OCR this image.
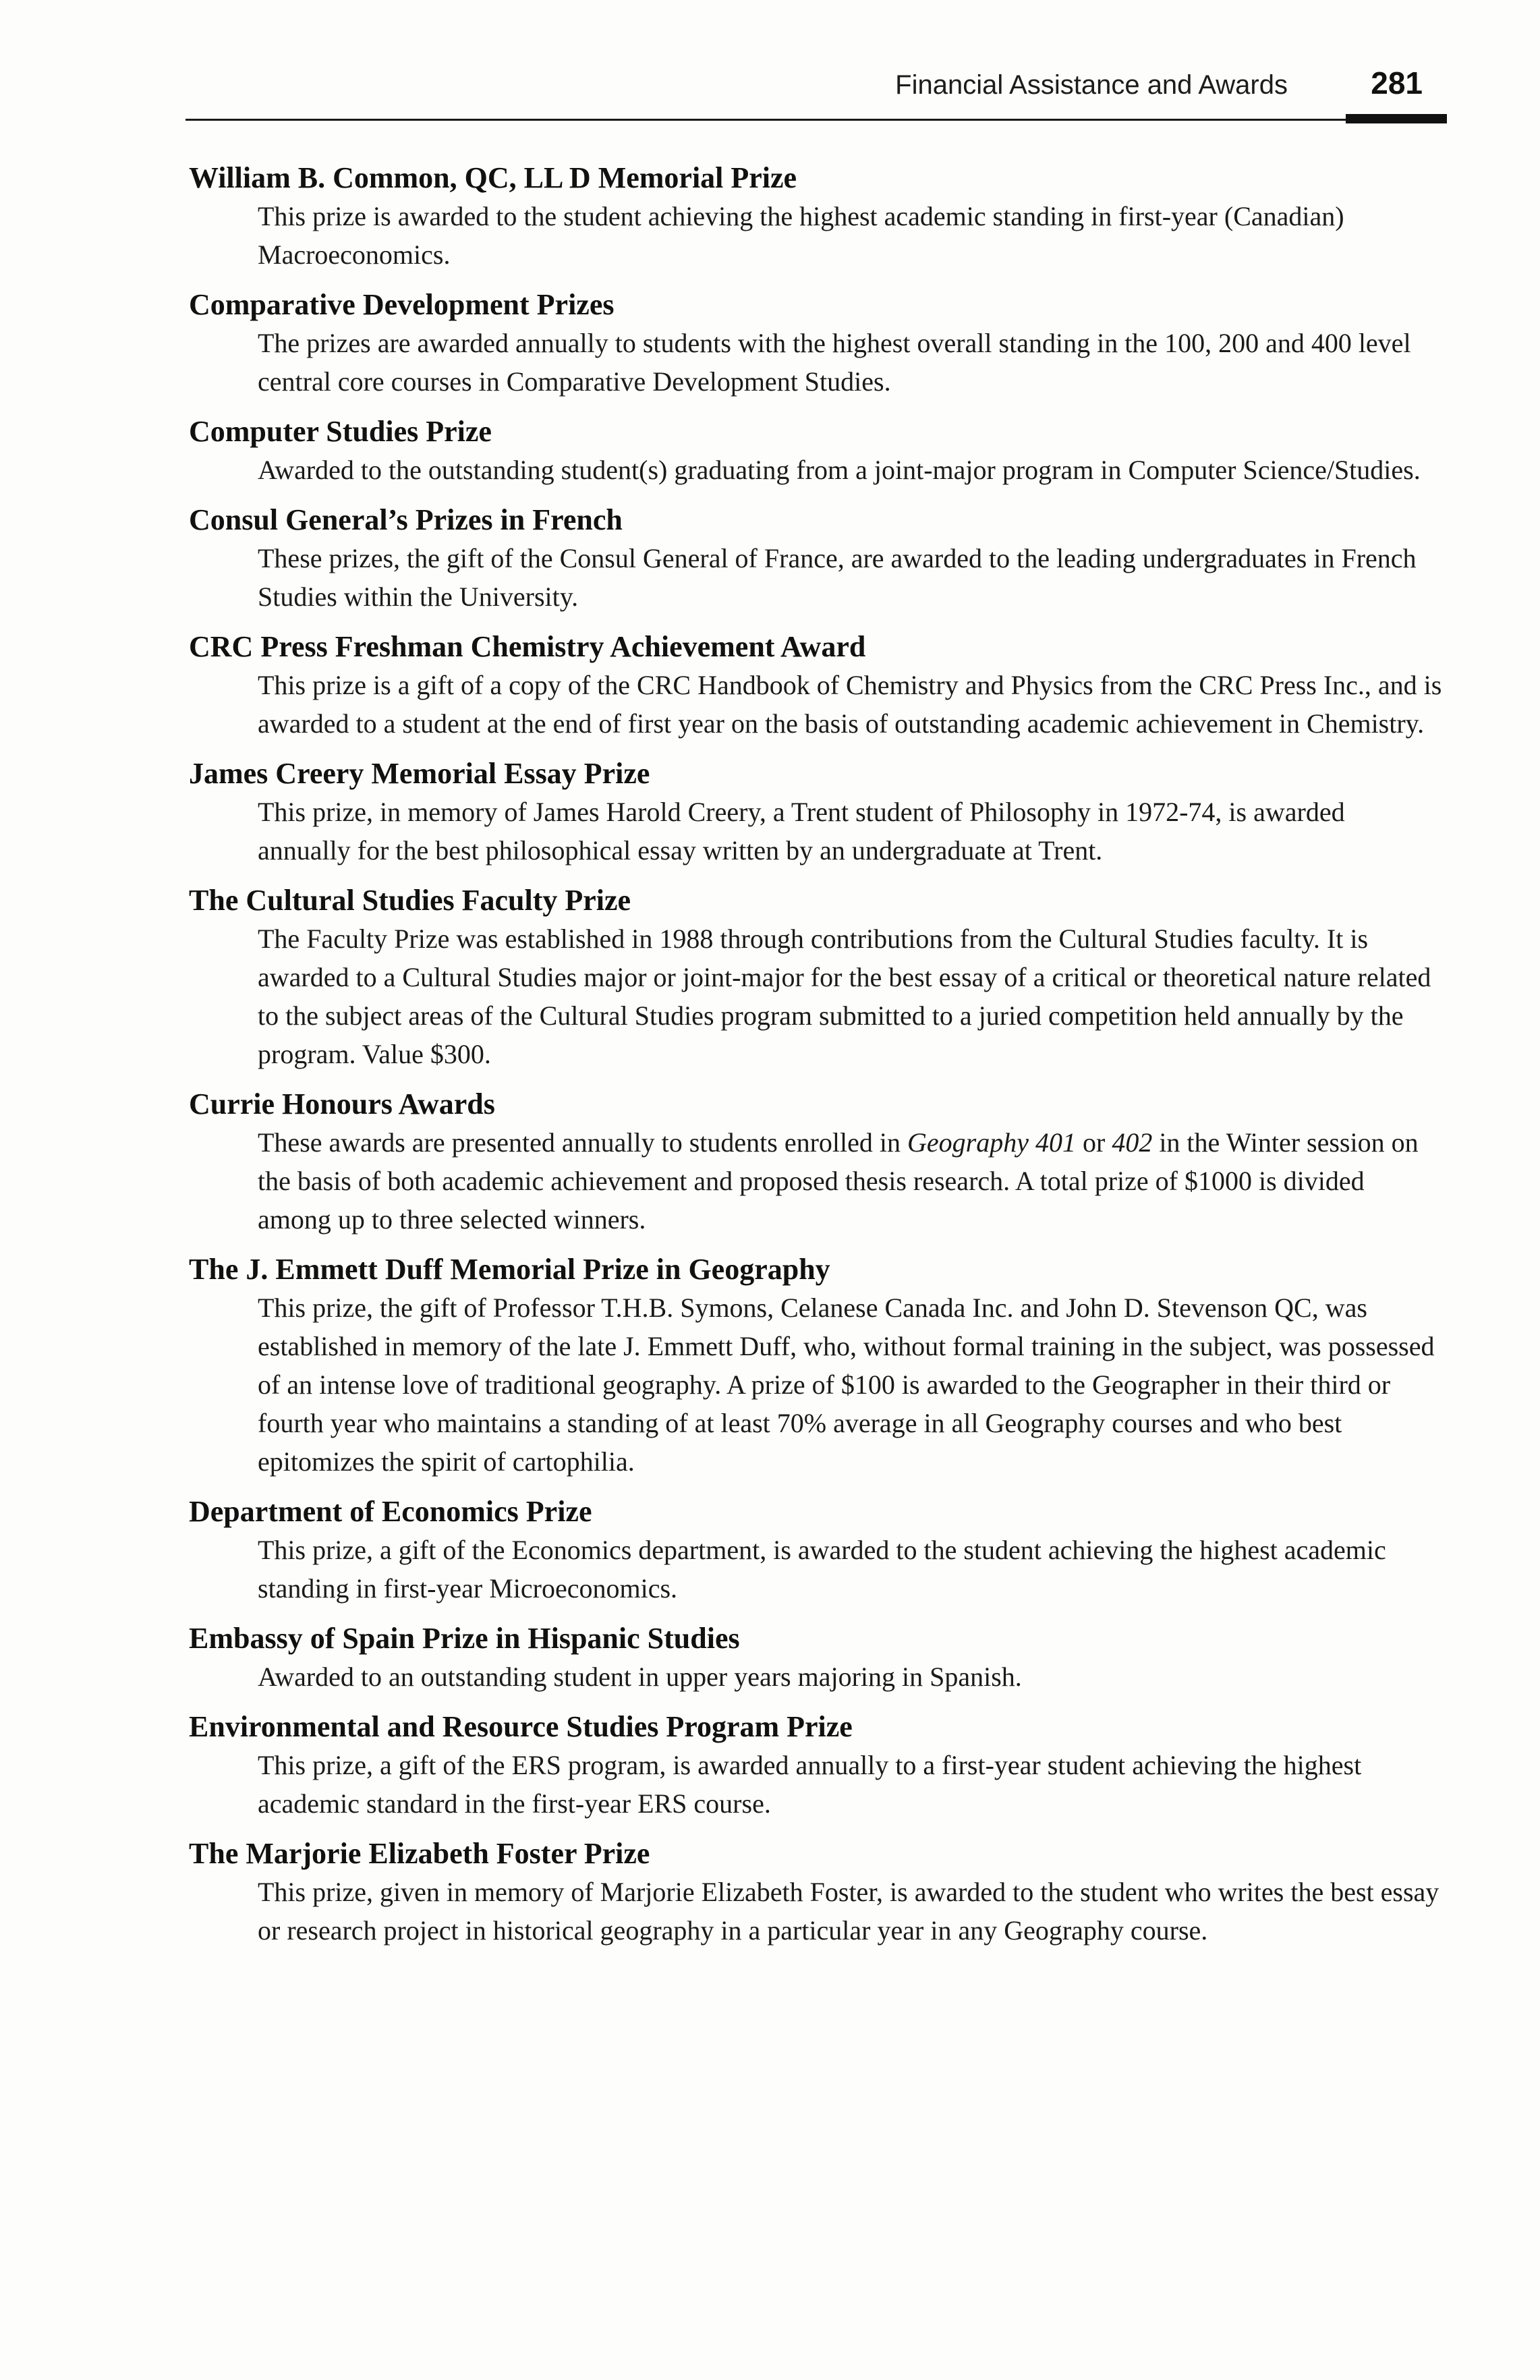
Financial Assistance and Awards	281

William B. Common, QC, LL D Memorial Prize

This prize is awarded to the student achieving the highest academic standing in first-year (Canadian) Macroeconomics.

Comparative Development Prizes

The prizes are awarded annually to students with the highest overall standing in the 100, 200 and 400 level central core courses in Comparative Development Studies.

Computer Studies Prize

Awarded to the outstanding student(s) graduating from a joint-major program in Computer Science/Studies.

Consul General’s Prizes in French

These prizes, the gift of the Consul General of France, are awarded to the leading undergraduates in French Studies within the University.

CRC Press Freshman Chemistry Achievement Award

This prize is a gift of a copy of the CRC Handbook of Chemistry and Physics from the CRC Press Inc., and is awarded to a student at the end of first year on the basis of outstanding academic achievement in Chemistry.

James Creery Memorial Essay Prize

This prize, in memory of James Harold Creery, a Trent student of Philosophy in 1972-74, is awarded annually for the best philosophical essay written by an undergraduate at Trent.

The Cultural Studies Faculty Prize

The Faculty Prize was established in 1988 through contributions from the Cultural Studies faculty. It is awarded to a Cultural Studies major or joint-major for the best essay of a critical or theoretical nature related to the subject areas of the Cultural Studies program submitted to a juried competition held annually by the program. Value $300.

Currie Honours Awards

These awards are presented annually to students enrolled in Geography 401 or 402 in the Winter session on the basis of both academic achievement and proposed thesis research. A total prize of $1000 is divided among up to three selected winners.

The J. Emmett Duff Memorial Prize in Geography

This prize, the gift of Professor T.H.B. Symons, Celanese Canada Inc. and John D. Stevenson QC, was established in memory of the late J. Emmett Duff, who, without formal training in the subject, was possessed of an intense love of traditional geography. A prize of $100 is awarded to the Geographer in their third or fourth year who maintains a standing of at least 70% average in all Geography courses and who best epitomizes the spirit of cartophilia.

Department of Economics Prize

This prize, a gift of the Economics department, is awarded to the student achieving the highest academic standing in first-year Microeconomics.

Embassy of Spain Prize in Hispanic Studies

Awarded to an outstanding student in upper years majoring in Spanish.

Environmental and Resource Studies Program Prize

This prize, a gift of the ERS program, is awarded annually to a first-year student achieving the highest academic standard in the first-year ERS course.

The Marjorie Elizabeth Foster Prize

This prize, given in memory of Marjorie Elizabeth Foster, is awarded to the student who writes the best essay or research project in historical geography in a particular year in any Geography course.
